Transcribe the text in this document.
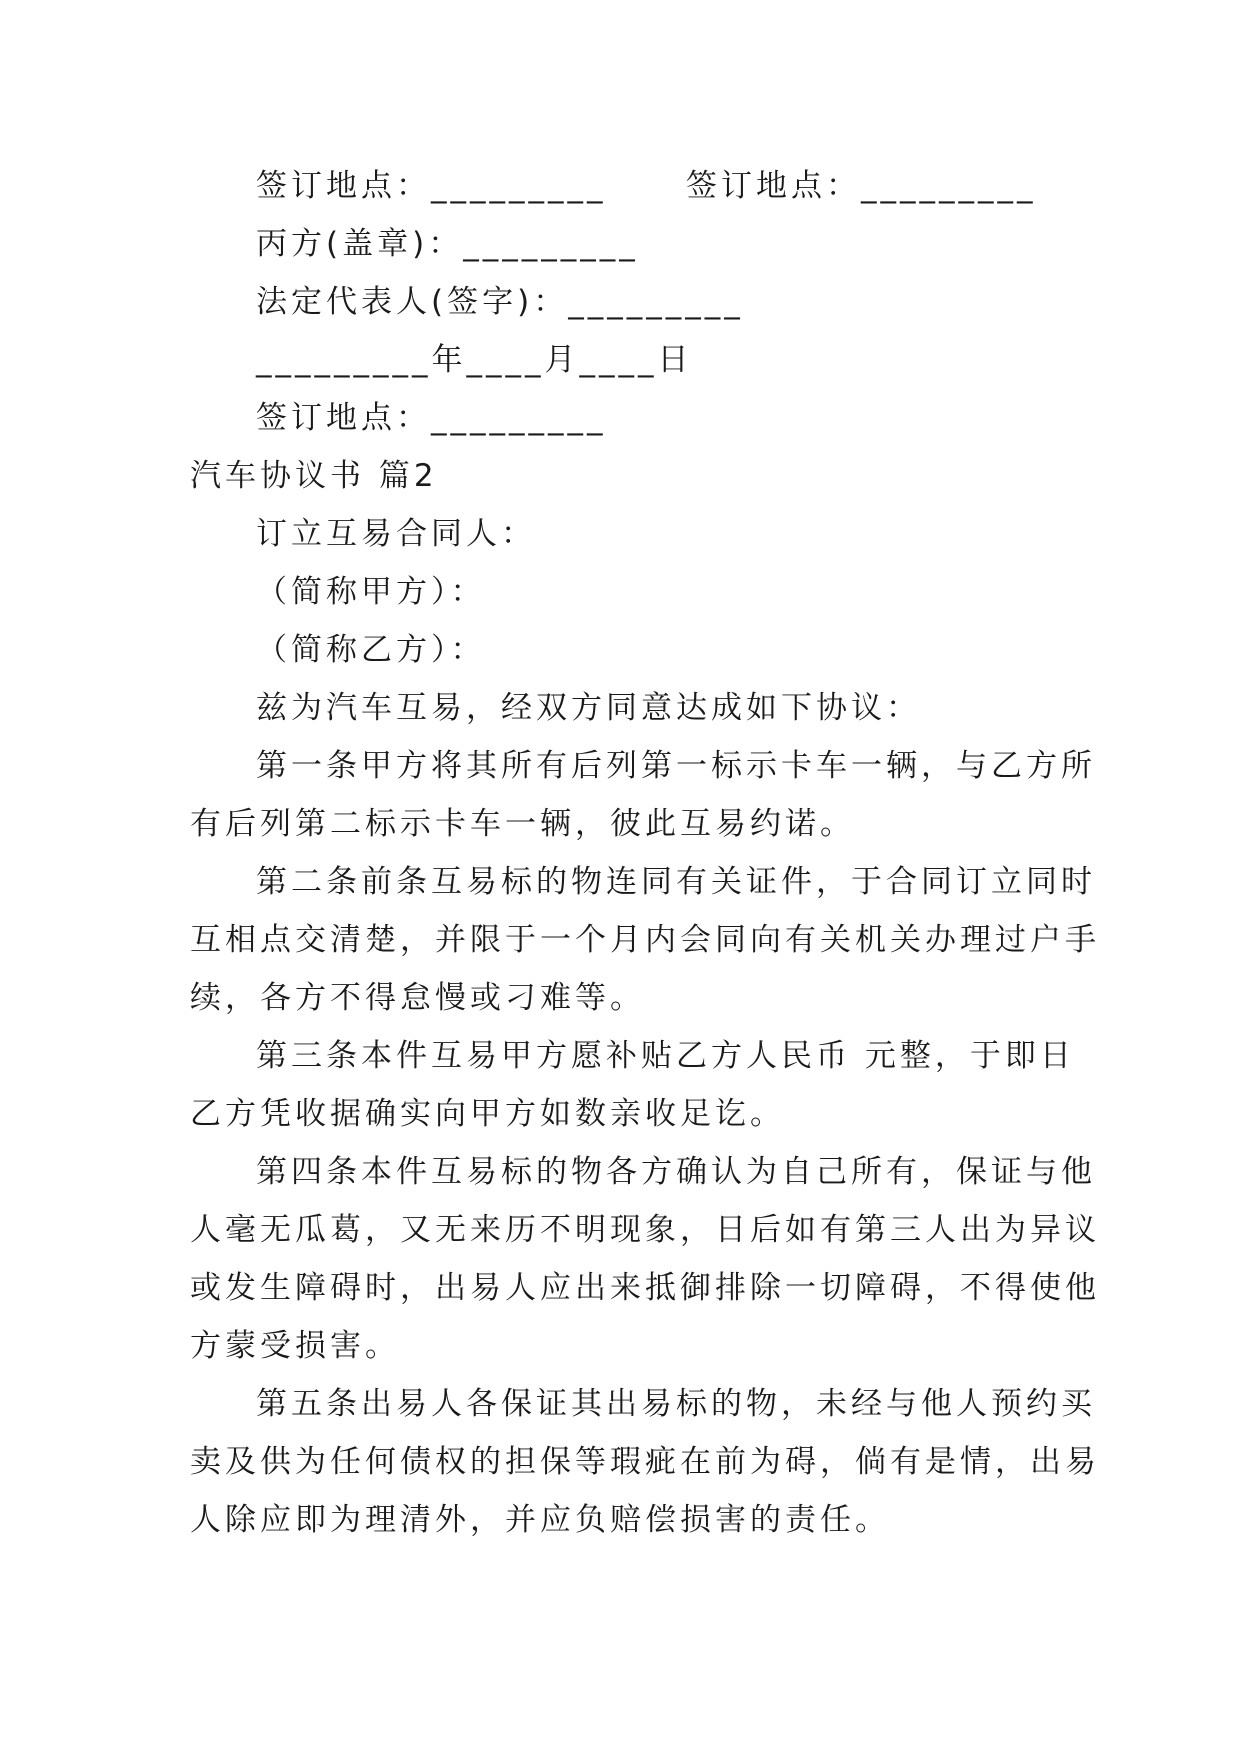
签订地点：_________	签订地点：_________
丙方(盖章)：_________
法定代表人(签字)：_________
_________年____月____日
签订地点：_________
汽车协议书 篇2
订立互易合同人：
（简称甲方）：
（简称乙方）：
兹为汽车互易，经双方同意达成如下协议：
第一条甲方将其所有后列第一标示卡车一辆，与乙方所
有后列第二标示卡车一辆，彼此互易约诺。
第二条前条互易标的物连同有关证件，于合同订立同时
互相点交清楚，并限于一个月内会同向有关机关办理过户手
续，各方不得怠慢或刁难等。
第三条本件互易甲方愿补贴乙方人民币 元整，于即日
乙方凭收据确实向甲方如数亲收足讫。
第四条本件互易标的物各方确认为自己所有，保证与他
人毫无瓜葛，又无来历不明现象，日后如有第三人出为异议
或发生障碍时，出易人应出来抵御排除一切障碍，不得使他
方蒙受损害。
第五条出易人各保证其出易标的物，未经与他人预约买
卖及供为任何债权的担保等瑕疵在前为碍，倘有是情，出易
人除应即为理清外，并应负赔偿损害的责任。
